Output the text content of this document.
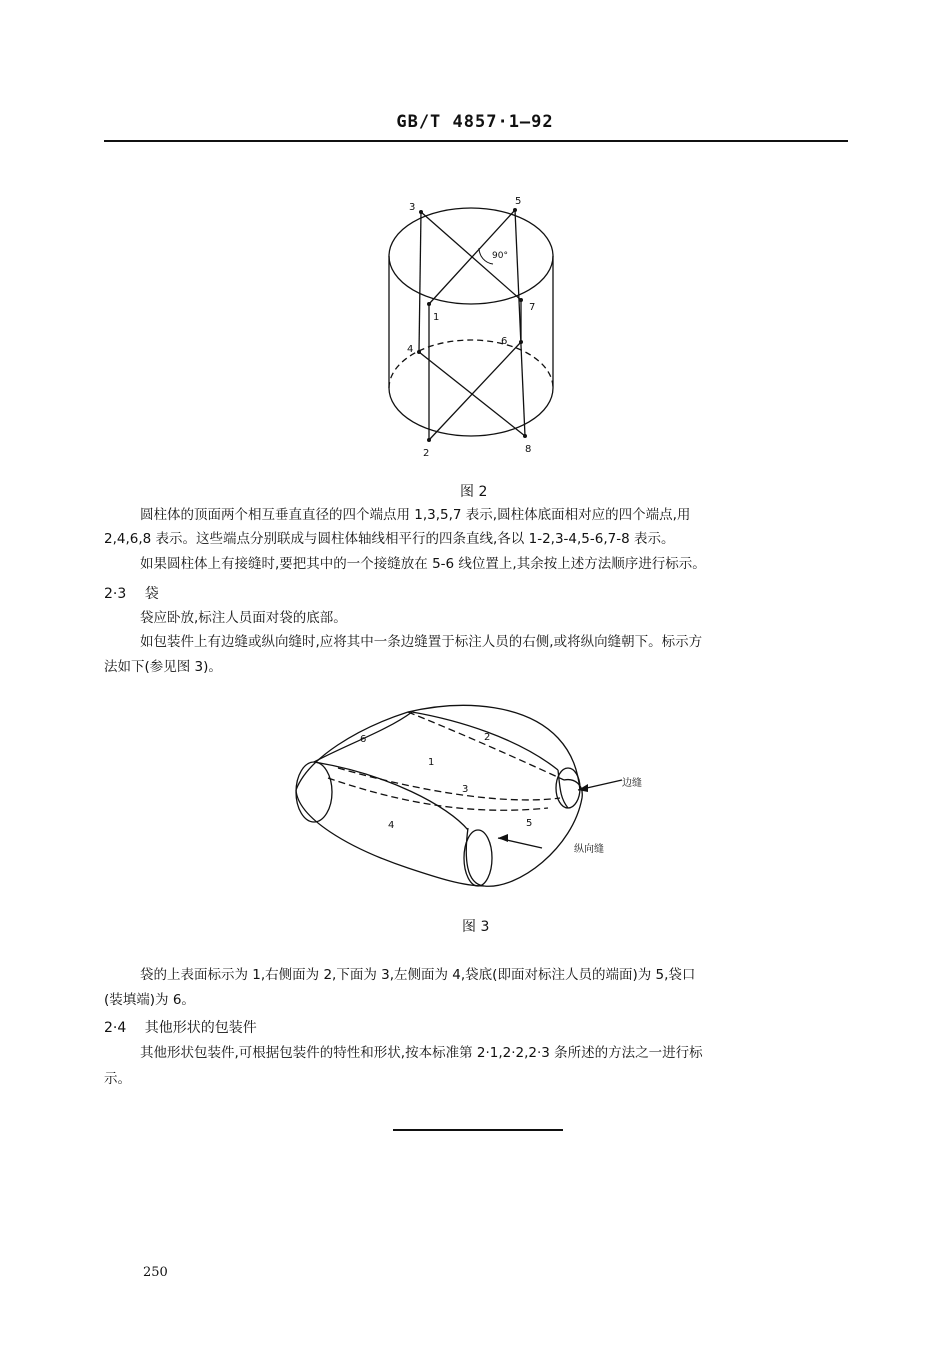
GB/T 4857·1—92
3
5
90°
1
7
6
4
2	8
图 2
圆柱体的顶面两个相互垂直直径的四个端点用 1,3,5,7 表示,圆柱体底面相对应的四个端点,用
2,4,6,8 表示。这些端点分别联成与圆柱体轴线相平行的四条直线,各以 1-2,3-4,5-6,7-8 表示。
如果圆柱体上有接缝时,要把其中的一个接缝放在 5-6 线位置上,其余按上述方法顺序进行标示。
2·3 袋
袋应卧放,标注人员面对袋的底部。
如包装件上有边缝或纵向缝时,应将其中一条边缝置于标注人员的右侧,或将纵向缝朝下。标示方
法如下(参见图 3)。
6	2
1
3
4	5
边缝
纵向缝
图 3
袋的上表面标示为 1,右侧面为 2,下面为 3,左侧面为 4,袋底(即面对标注人员的端面)为 5,袋口
(装填端)为 6。
2·4 其他形状的包装件
其他形状包装件,可根据包装件的特性和形状,按本标准第 2·1,2·2,2·3 条所述的方法之一进行标
示。
250
